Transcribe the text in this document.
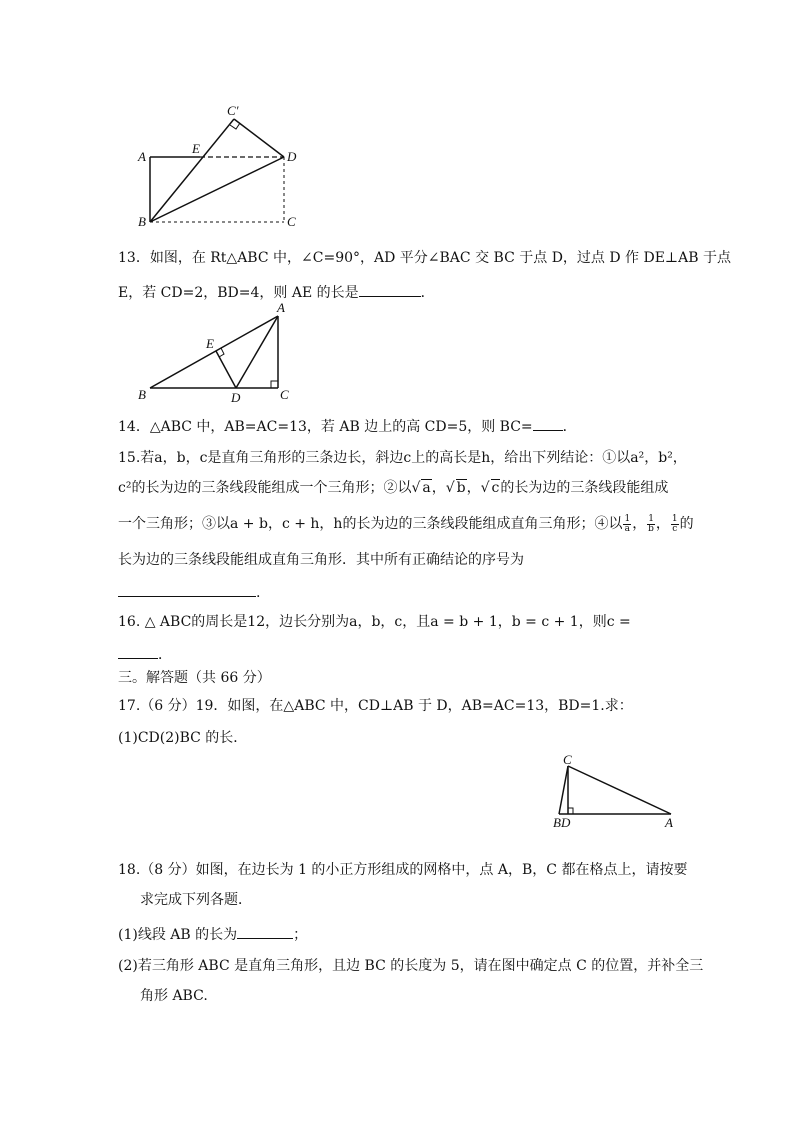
C′
A
E
D
B	C
13．如图，在 Rt△ABC 中，∠C=90°，AD 平分∠BAC 交 BC 于点 D，过点 D 作 DE⊥AB 于点
E，若 CD=2，BD=4，则 AE 的长是	．
A
E
B	D	C
14．△ABC 中，AB=AC=13，若 AB 边上的高 CD=5，则 BC= ．
15.若a，b，c是直角三角形的三条边长，斜边c上的高长是h，给出下列结论：①以a²，b²，
c²的长为边的三条线段能组成一个三角形；②以√ a，√ b，√ c的长为边的三条线段能组成
一个三角形；③以a + b，c + h，h的长为边的三条线段能组成直角三角形；④以 $\frac{1}{a}$ ， $\frac{1}{b}$ ， $\frac{1}{c}$ 的
长为边的三条线段能组成直角三角形．其中所有正确结论的序号为
.
16. △ ABC的周长是12，边长分别为a，b，c，且a = b + 1，b = c + 1，则c =
．
三。解答题（共 66 分）
17.（6 分）19．如图，在△ABC 中，CD⊥AB 于 D，AB=AC=13，BD=1.求：
(1)CD(2)BC 的长．
C
BD	A
18.（8 分）如图，在边长为 1 的小正方形组成的网格中，点 A，B，C 都在格点上，请按要
求完成下列各题．
(1)线段 AB 的长为	；
(2)若三角形 ABC 是直角三角形，且边 BC 的长度为 5，请在图中确定点 C 的位置，并补全三
角形 ABC.
